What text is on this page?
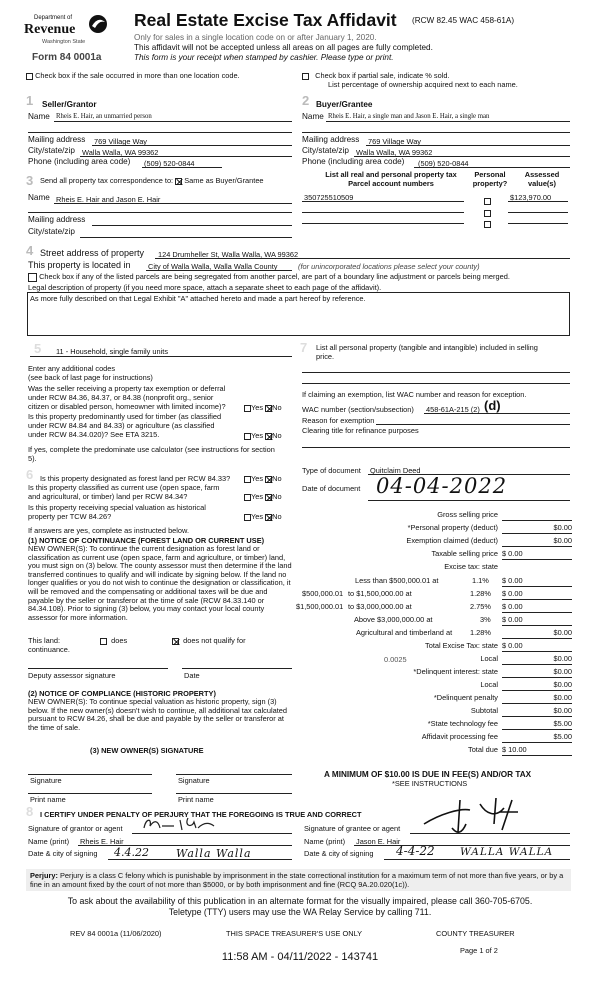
Department of
Revenue
Washington State
Form 84 0001a
Real Estate Excise Tax Affidavit (RCW 82.45 WAC 458-61A)
Only for sales in a single location code on or after January 1, 2020.
This affidavit will not be accepted unless all areas on all pages are fully completed.
This form is your receipt when stamped by cashier. Please type or print.
Check box if the sale occurred in more than one location code.	Check box if partial sale, indicate % sold.
List percentage of ownership acquired next to each name.
1 Seller/Grantor
Name Rheis E. Hair, an unmarried person
Mailing address 769 Village Way
City/state/zip Walla Walla, WA 99362
Phone (including area code) (509) 520-0844
2 Buyer/Grantee
Name Rheis E. Hair, a single man and Jason E. Hair, a single man
Mailing address 769 Village Way
City/state/zip Walla Walla, WA 99362
Phone (including area code) (509) 520-0844
3 Send all property tax correspondence to: Same as Buyer/Grantee
Name Rheis E. Hair and Jason E. Hair
Mailing address
City/state/zip
List all real and personal property tax
Parcel account numbers
Personal
property?
Assessed
value(s)
350725510509	$123,970.00
4 Street address of property 124 Drumheller St, Walla Walla, WA 99362
This property is located in City of Walla Walla, Walla Walla County	(for unincorporated locations please select your county)
Check box if any of the listed parcels are being segregated from another parcel, are part of a boundary line adjustment or parcels being merged.
Legal description of property (if you need more space, attach a separate sheet to each page of the affidavit).
As more fully described on that Legal Exhibit "A" attached hereto and made a part hereof by reference.
5 11 - Household, single family units
Enter any additional codes
(see back of last page for instructions)
Was the seller receiving a property tax exemption or deferral
under RCW 84.36, 84.37, or 84.38 (nonprofit org., senior
citizen or disabled person, homeowner with limited income)?	Yes No
Is this property predominantly used for timber (as classified
under RCW 84.84 and 84.33) or agriculture (as classified
under RCW 84.34.020)? See ETA 3215.	Yes No
If yes, complete the predominate use calculator (see instructions for section
5).
7 List all personal property (tangible and intangible) included in selling
price.
If claiming an exemption, list WAC number and reason for exception.
WAC number (section/subsection) 458-61A-215 (2) (d)
Reason for exemption
Clearing title for refinance purposes
6 Is this property designated as forest land per RCW 84.33?	Yes No
Is this property classified as current use (open space, farm
and agricultural, or timber) land per RCW 84.34?	Yes No
Is this property receiving special valuation as historical
property per TCW 84.26?	Yes No
If answers are yes, complete as instructed below.
(1) NOTICE OF CONTINUANCE (FOREST LAND OR CURRENT USE)
NEW OWNER(S): To continue the current designation as forest land or classification as current use (open space, farm and agriculture, or timber) land, you must sign on (3) below. The county assessor must then determine if the land transferred continues to qualify and will indicate by signing below. If the land no longer qualifies or you do not wish to continue the designation or classification, it will be removed and the compensating or additional taxes will be due and payable by the seller or transferor at the time of sale (RCW 84.33.140 or 84.34.108). Prior to signing (3) below, you may contact your local county assessor for more information.
This land:
continuance.
does	does not qualify for
Deputy assessor signature	Date
(2) NOTICE OF COMPLIANCE (HISTORIC PROPERTY)
NEW OWNER(S): To continue special valuation as historic property, sign (3) below. If the new owner(s) doesn't wish to continue, all additional tax calculated pursuant to RCW 84.26, shall be due and payable by the seller or transferor at the time of sale.
(3) NEW OWNER(S) SIGNATURE
Signature	Signature
Print name	Print name
Type of document Quitclaim Deed
Date of document 04-04-2022
Gross selling price
*Personal property (deduct)	$0.00
Exemption claimed (deduct)	$0.00
Taxable selling price $ 0.00
Excise tax: state
Less than $500,000.01 at	1.1% $ 0.00
$500,000.01 to $1,500,000.00 at	1.28% $ 0.00
$1,500,000.01 to $3,000,000.00 at	2.75% $ 0.00
Above $3,000,000.00 at	3% $ 0.00
Agricultural and timberland at 1.28%	$0.00
Total Excise Tax: state $ 0.00
0.0025	Local	$0.00
*Delinquent interest: state	$0.00
Local	$0.00
*Delinquent penalty	$0.00
Subtotal	$0.00
*State technology fee	$5.00
Affidavit processing fee	$5.00
Total due $ 10.00
A MINIMUM OF $10.00 IS DUE IN FEE(S) AND/OR TAX
*SEE INSTRUCTIONS
8 I CERTIFY UNDER PENALTY OF PERJURY THAT THE FOREGOING IS TRUE AND CORRECT
Signature of grantor or agent
Name (print) Rheis E. Hair
Date & city of signing 4.4.22 Walla Walla
Signature of grantee or agent
Name (print) Jason E. Hair
Date & city of signing 4-4-22 WALLA WALLA
Perjury: Perjury is a class C felony which is punishable by imprisonment in the state correctional institution for a maximum term of not more than five years, or by a fine in an amount fixed by the court of not more than $5000, or by both imprisonment and fine (RCQ 9A.20.020(1c)).
To ask about the availability of this publication in an alternate format for the visually impaired, please call 360-705-6705.
Teletype (TTY) users may use the WA Relay Service by calling 711.
REV 84 0001a (11/06/2020)	THIS SPACE TREASURER'S USE ONLY	COUNTY TREASURER
Page 1 of 2
11:58 AM - 04/11/2022 - 143741
